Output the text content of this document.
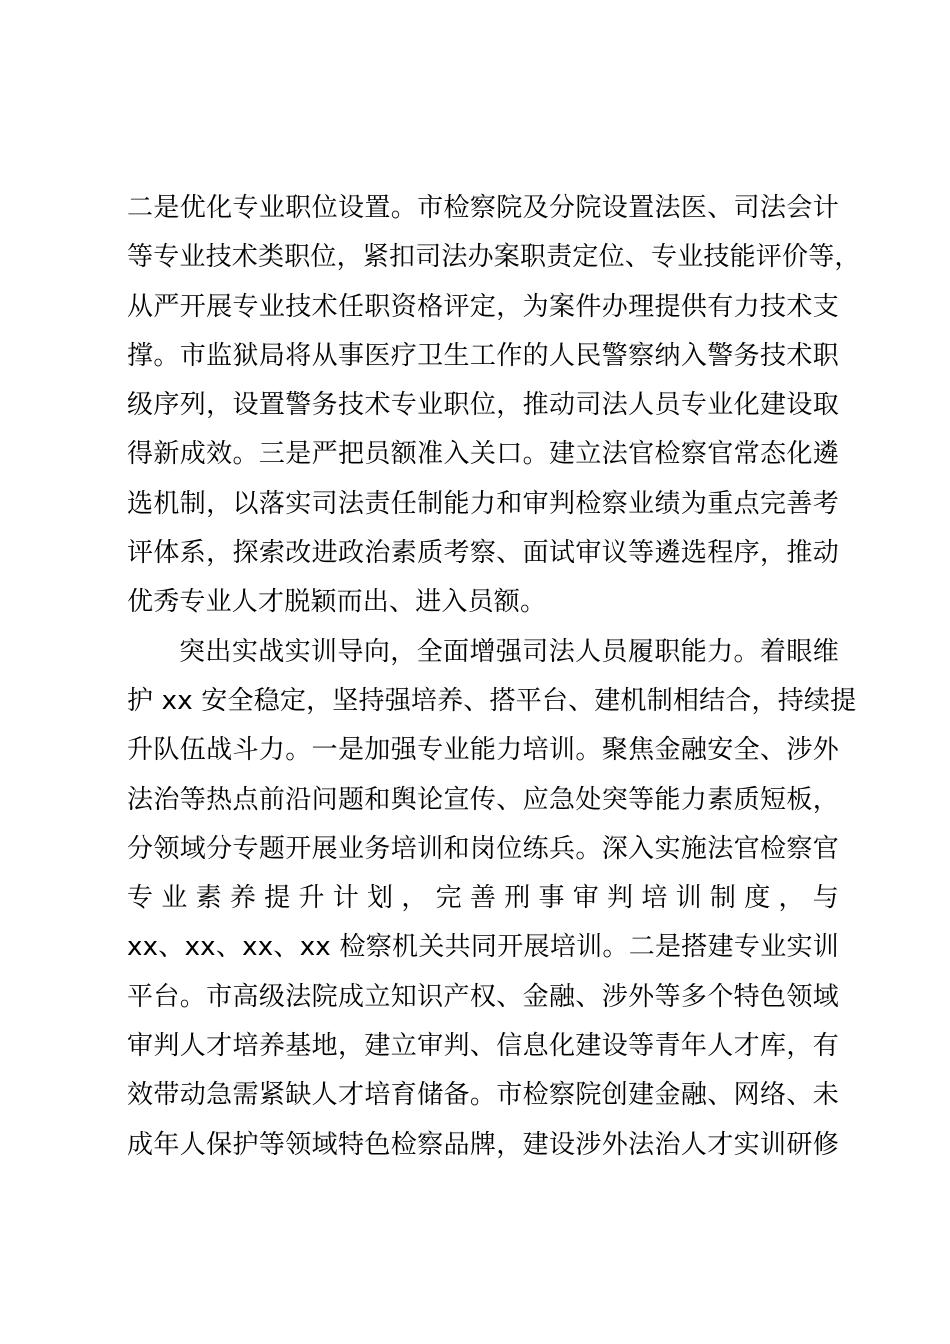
二是优化专业职位设置。市检察院及分院设置法医、司法会计
等专业技术类职位，紧扣司法办案职责定位、专业技能评价等，
从严开展专业技术任职资格评定，为案件办理提供有力技术支
撑。市监狱局将从事医疗卫生工作的人民警察纳入警务技术职
级序列，设置警务技术专业职位，推动司法人员专业化建设取
得新成效。三是严把员额准入关口。建立法官检察官常态化遴
选机制，以落实司法责任制能力和审判检察业绩为重点完善考
评体系，探索改进政治素质考察、面试审议等遴选程序，推动
优秀专业人才脱颖而出、进入员额。
突出实战实训导向，全面增强司法人员履职能力。着眼维
护 xx 安全稳定，坚持强培养、搭平台、建机制相结合，持续提
升队伍战斗力。一是加强专业能力培训。聚焦金融安全、涉外
法治等热点前沿问题和舆论宣传、应急处突等能力素质短板，
分领域分专题开展业务培训和岗位练兵。深入实施法官检察官
专业素养提升计划，完善刑事审判培训制度，与
xx、xx、xx、xx 检察机关共同开展培训。二是搭建专业实训
平台。市高级法院成立知识产权、金融、涉外等多个特色领域
审判人才培养基地，建立审判、信息化建设等青年人才库，有
效带动急需紧缺人才培育储备。市检察院创建金融、网络、未
成年人保护等领域特色检察品牌，建设涉外法治人才实训研修
